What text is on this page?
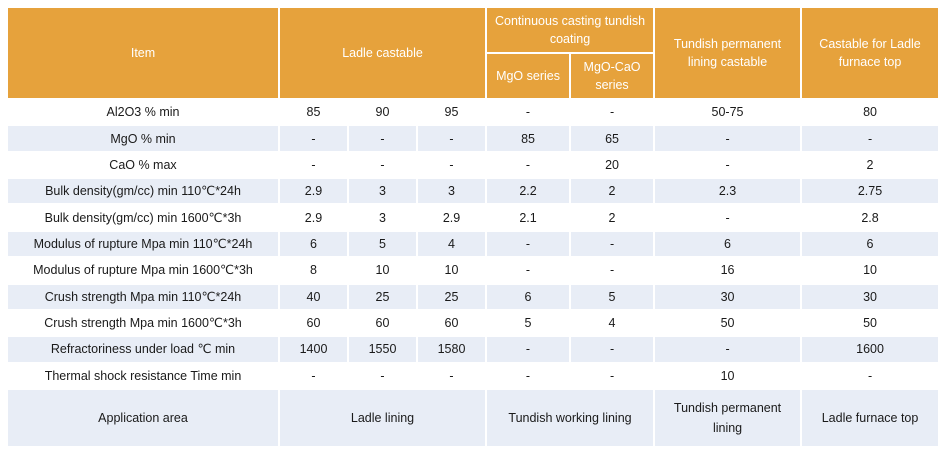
Item	Ladle castable			Continuous casting tundish coating		Tundish permanent lining castable	Castable for Ladle furnace top
				MgO series	MgO-CaO series		
Al2O3 % min	85	90	95	-	-	50-75	80
MgO % min	-	-	-	85	65	-	-
CaO % max	-	-	-	-	20	-	2
Bulk density(gm/cc) min 110℃*24h	2.9	3	3	2.2	2	2.3	2.75
Bulk density(gm/cc) min 1600℃*3h	2.9	3	2.9	2.1	2	-	2.8
Modulus of rupture Mpa min 110℃*24h	6	5	4	-	-	6	6
Modulus of rupture Mpa min 1600℃*3h	8	10	10	-	-	16	10
Crush strength Mpa min 110℃*24h	40	25	25	6	5	30	30
Crush strength Mpa min 1600℃*3h	60	60	60	5	4	50	50
Refractoriness under load ℃ min	1400	1550	1580	-	-	-	1600
Thermal shock resistance Time min	-	-	-	-	-	10	-
Application area	Ladle lining			Tundish working lining		Tundish permanent lining	Ladle furnace top
